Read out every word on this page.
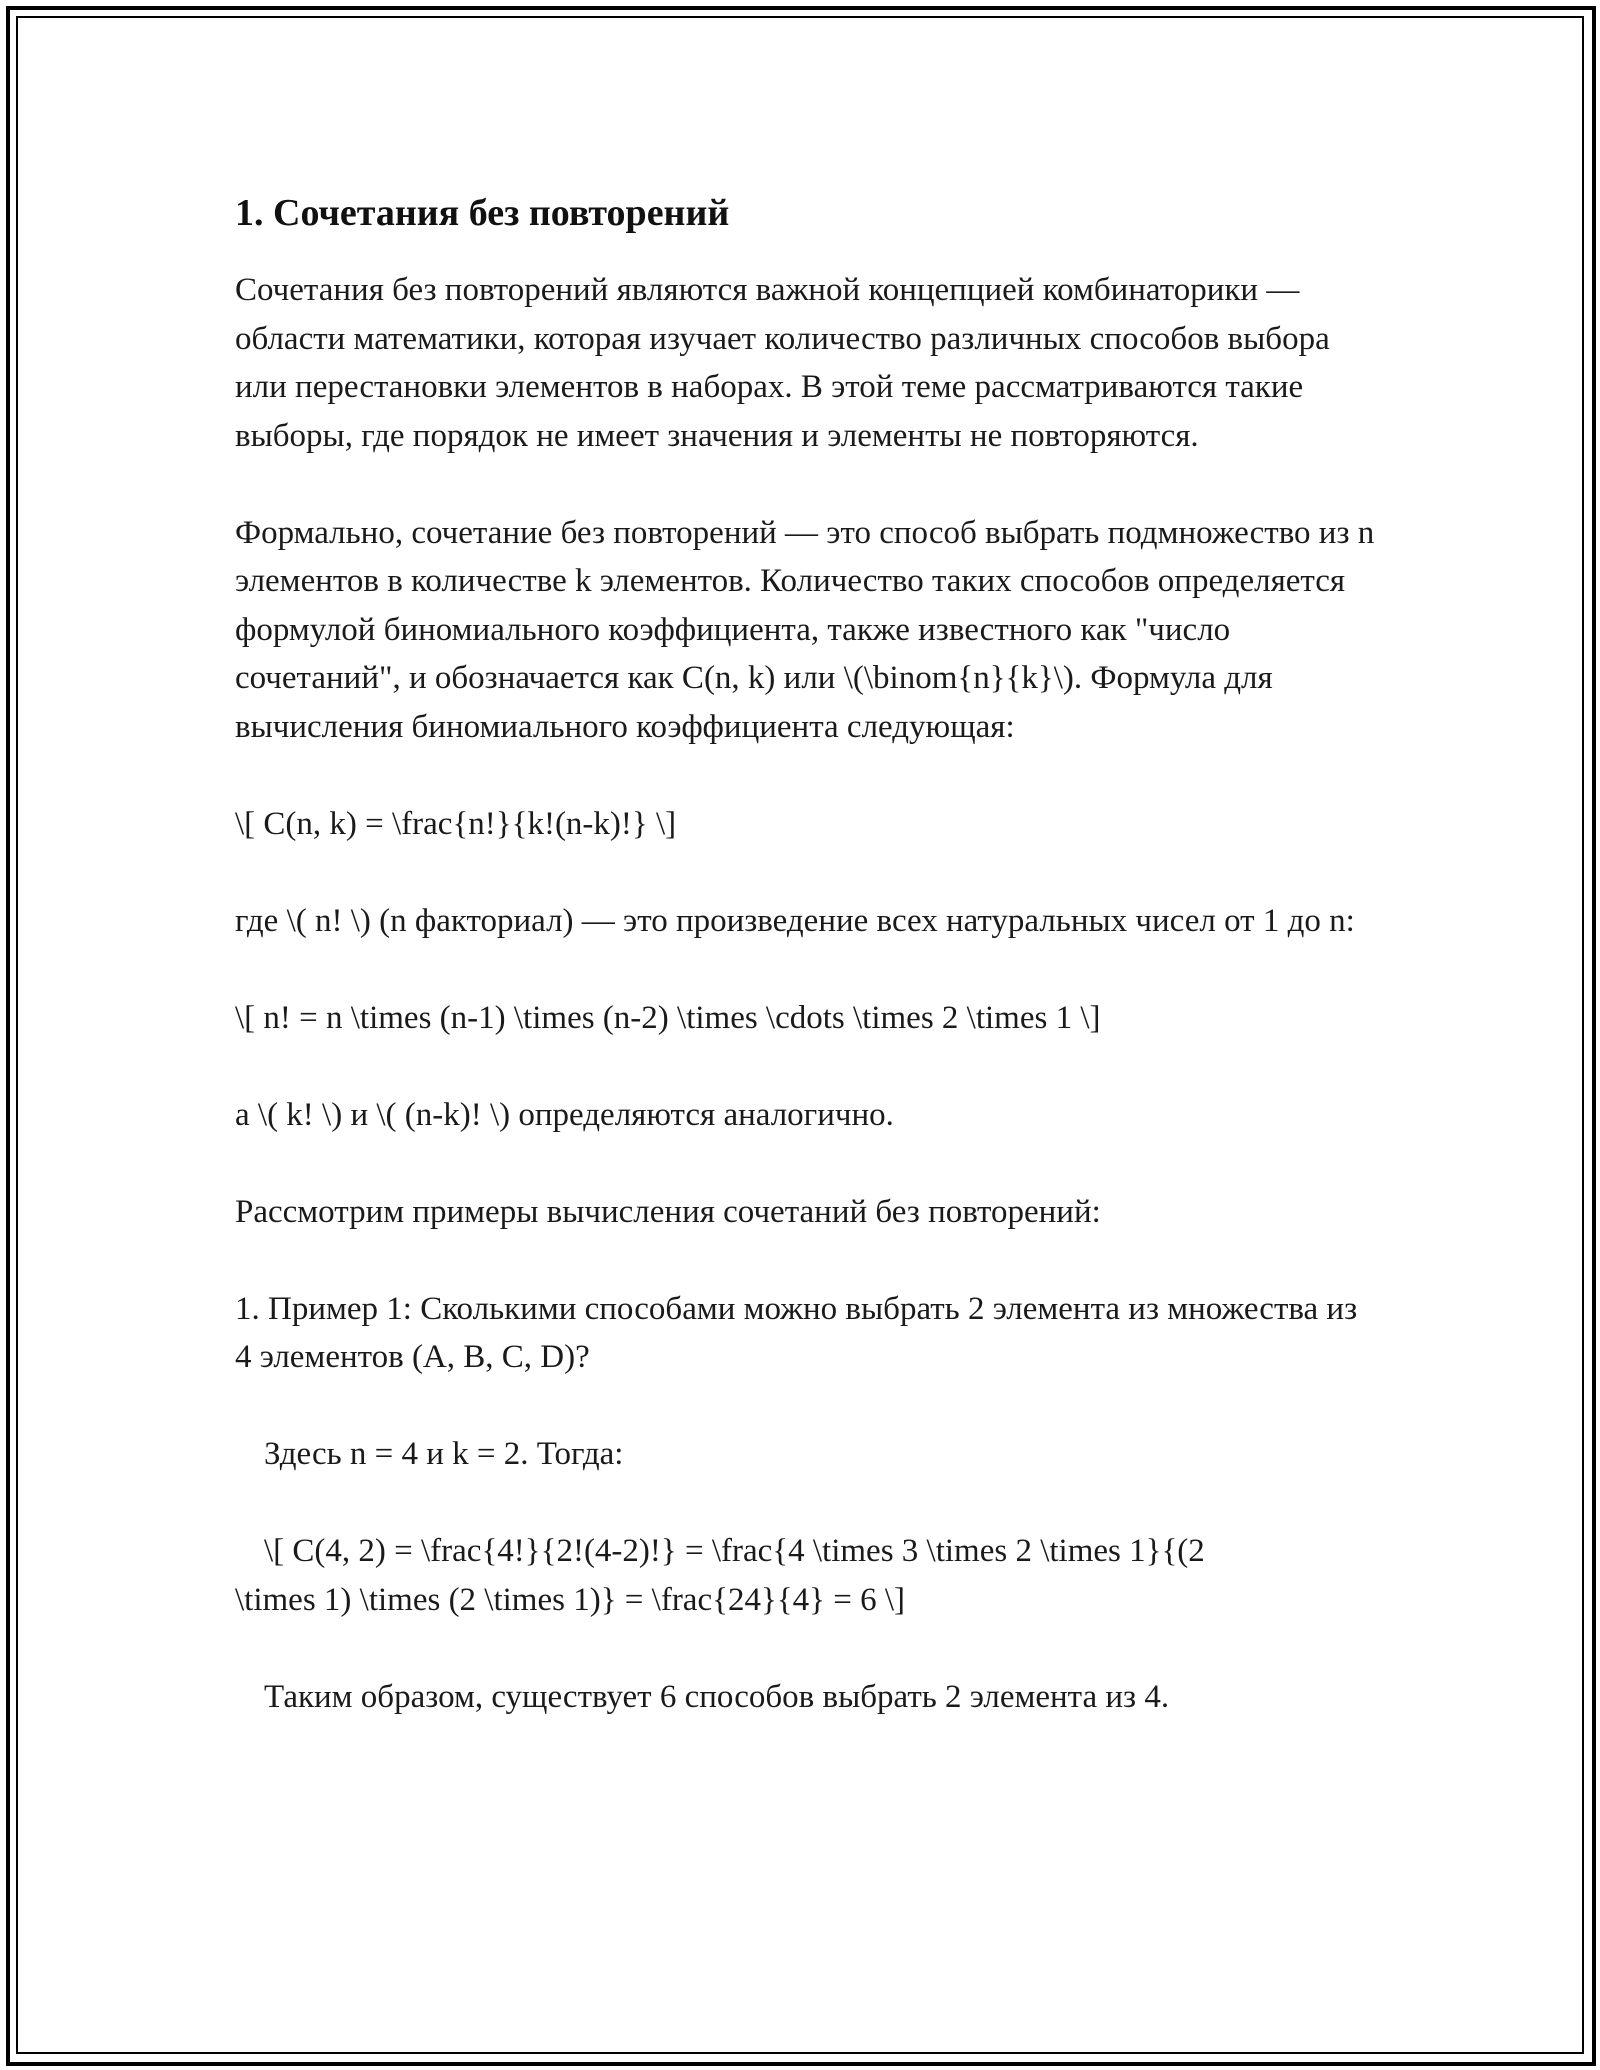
1. Сочетания без повторений

Сочетания без повторений являются важной концепцией комбинаторики — области математики, которая изучает количество различных способов выбора или перестановки элементов в наборах. В этой теме рассматриваются такие выборы, где порядок не имеет значения и элементы не повторяются.

Формально, сочетание без повторений — это способ выбрать подмножество из n элементов в количестве k элементов. Количество таких способов определяется формулой биномиального коэффициента, также известного как "число сочетаний", и обозначается как C(n, k) или \(\binom{n}{k}\). Формула для вычисления биномиального коэффициента следующая:

\[ C(n, k) = \frac{n!}{k!(n-k)!} \]

где \( n! \) (n факториал) — это произведение всех натуральных чисел от 1 до n:

\[ n! = n \times (n-1) \times (n-2) \times \cdots \times 2 \times 1 \]

а \( k! \) и \( (n-k)! \) определяются аналогично.

Рассмотрим примеры вычисления сочетаний без повторений:

1. Пример 1: Сколькими способами можно выбрать 2 элемента из множества из 4 элементов (A, B, C, D)?

Здесь n = 4 и k = 2. Тогда:

\[ C(4, 2) = \frac{4!}{2!(4-2)!} = \frac{4 \times 3 \times 2 \times 1}{(2
\times 1) \times (2 \times 1)} = \frac{24}{4} = 6 \]

Таким образом, существует 6 способов выбрать 2 элемента из 4.
